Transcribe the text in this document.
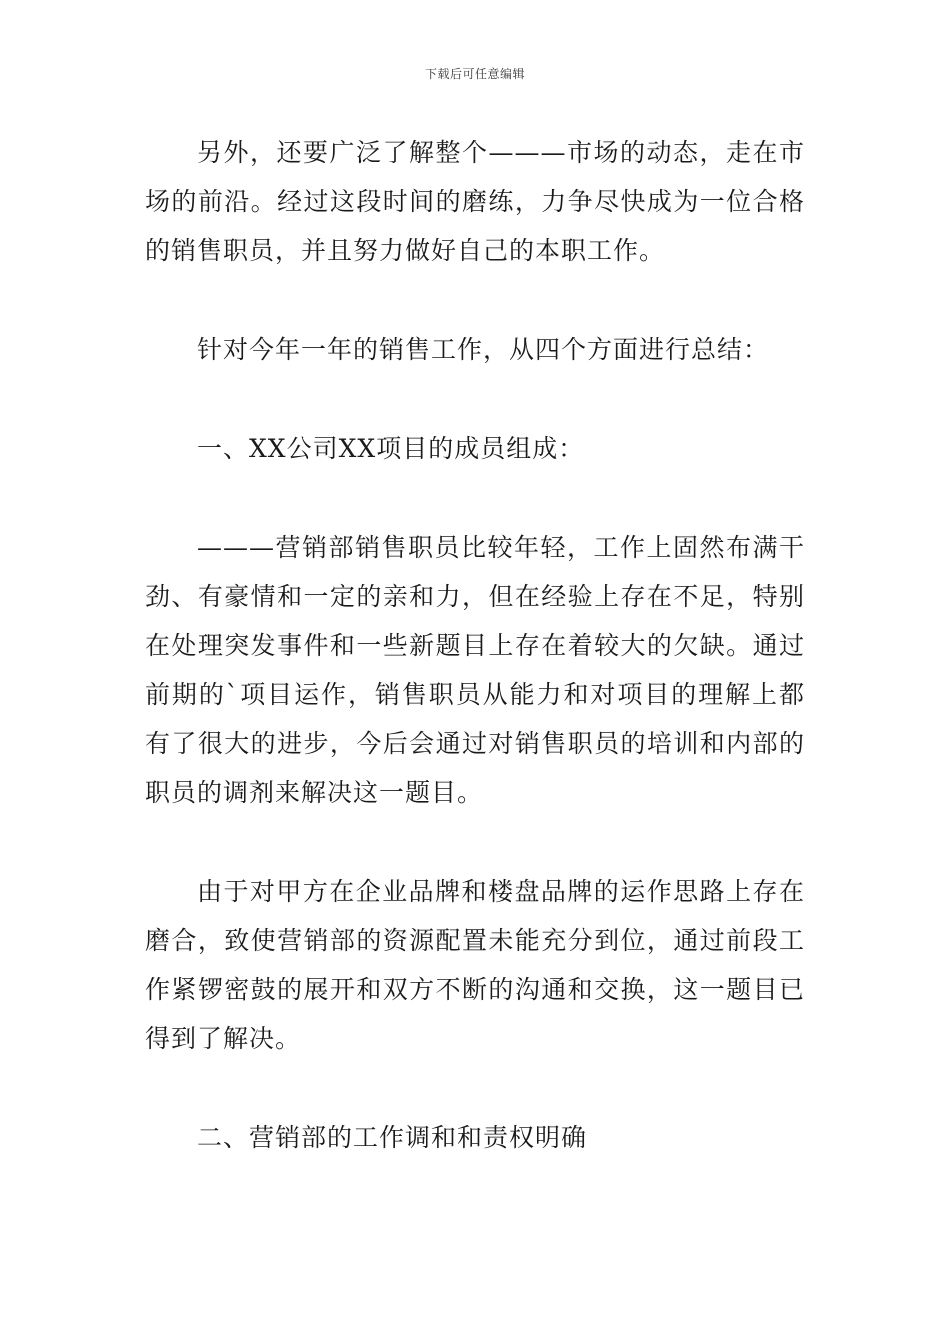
下载后可任意编辑

另外，还要广泛了解整个———市场的动态，走在市场的前沿。经过这段时间的磨练，力争尽快成为一位合格的销售职员，并且努力做好自己的本职工作。

针对今年一年的销售工作，从四个方面进行总结：

一、XX公司XX项目的成员组成：

———营销部销售职员比较年轻，工作上固然布满干劲、有豪情和一定的亲和力，但在经验上存在不足，特别在处理突发事件和一些新题目上存在着较大的欠缺。通过前期的`项目运作，销售职员从能力和对项目的理解上都有了很大的进步，今后会通过对销售职员的培训和内部的职员的调剂来解决这一题目。

由于对甲方在企业品牌和楼盘品牌的运作思路上存在磨合，致使营销部的资源配置未能充分到位，通过前段工作紧锣密鼓的展开和双方不断的沟通和交换，这一题目已得到了解决。

二、营销部的工作调和和责权明确
